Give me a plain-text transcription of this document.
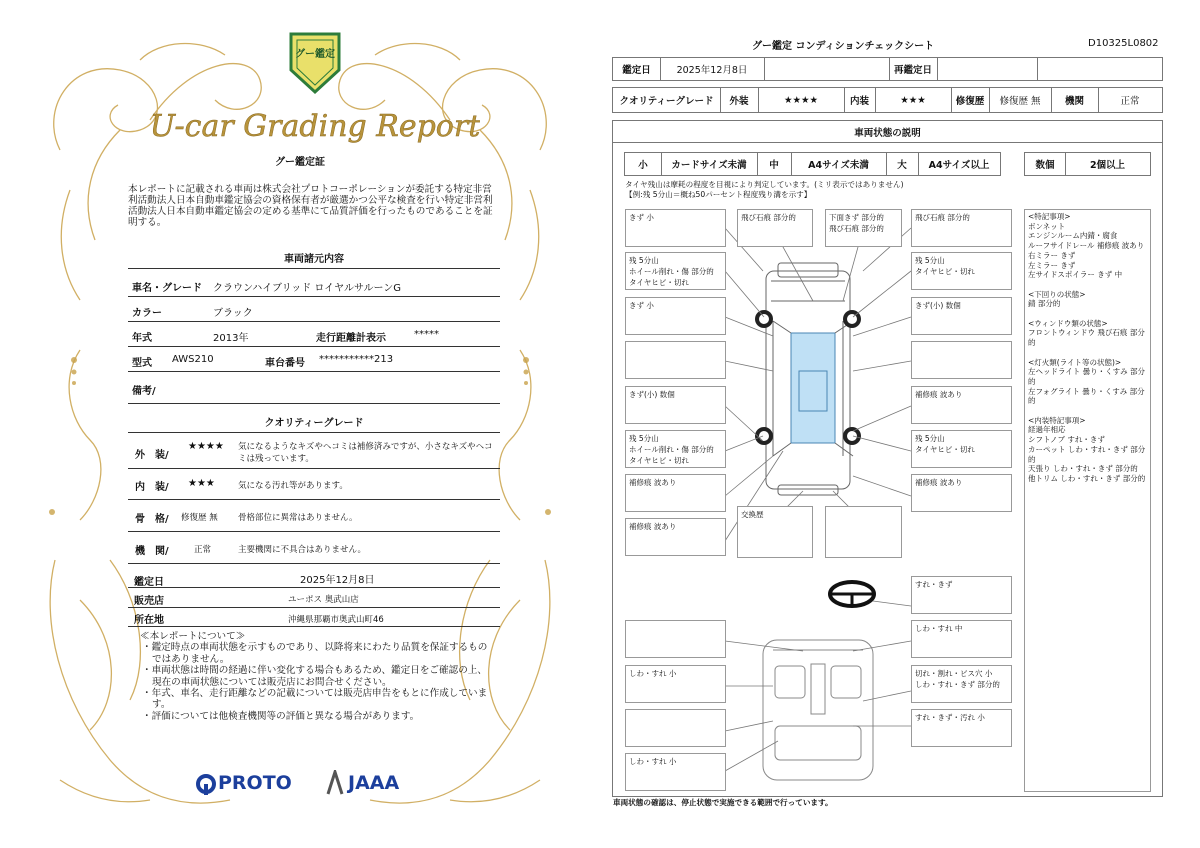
グー鑑定
U-car Grading Report
グー鑑定証
本レポートに記載される車両は株式会社プロトコーポレーションが委託する特定非営利活動法人日本自動車鑑定協会の資格保有者が厳選かつ公平な検査を行い特定非営利活動法人日本自動車鑑定協会の定める基準にて品質評価を行ったものであることを証明する。
車両諸元内容
車名・グレード クラウンハイブリッド ロイヤルサルーンG
カラー	ブラック
年式	2013年	走行距離計表示	*****
型式 AWS210	車台番号 ***********213
備考/
クオリティーグレード
外　装/
★★★★ 気になるようなキズやヘコミは補修済みですが、小さなキズやヘコミは残っています。
内　装/ ★★★	気になる汚れ等があります。
骨　格/ 修復歴 無 骨格部位に異常はありません。
機　関/	正常	主要機関に不具合はありません。
鑑定日	2025年12月8日
販売店	ユーポス 奥武山店
所在地	沖縄県那覇市奥武山町46
≪本レポートについて≫
・鑑定時点の車両状態を示すものであり、以降将来にわたり品質を保証するものではありません。
・車両状態は時間の経過に伴い変化する場合もあるため、鑑定日をご確認の上、現在の車両状態については販売店にお問合せください。
・年式、車名、走行距離などの記載については販売店申告をもとに作成しています。
・評価については他検査機関等の評価と異なる場合があります。
PROTO	JAAA
グー鑑定 コンディションチェックシート	D10325L0802
鑑定日	2025年12月8日	再鑑定日
クオリティーグレード	外装	★★★★	内装	★★★	修復歴	修復歴 無	機関	正常
車両状態の説明
小	カードサイズ未満	中	A4サイズ未満	大	A4サイズ以上	数個	2個以上
タイヤ残山は摩耗の程度を目視により判定しています。(ミリ表示ではありません)
【例:残 5分山＝概ね50パーセント程度残り溝を示す】
きず 小
残 5分山
ホイール削れ・傷 部分的
タイヤヒビ・切れ
きず 小
きず(小) 数個
残 5分山
ホイール削れ・傷 部分的
タイヤヒビ・切れ
補修痕 波あり
補修痕 波あり
飛び石痕 部分的	下面きず 部分的
飛び石痕 部分的
飛び石痕 部分的
残 5分山
タイヤヒビ・切れ
きず(小) 数個
補修痕 波あり
残 5分山
タイヤヒビ・切れ
補修痕 波あり
交換歴
しわ・すれ 小
しわ・すれ 小
すれ・きず
しわ・すれ 中
切れ・割れ・ビス穴 小
しわ・すれ・きず 部分的
すれ・きず・汚れ 小
<特記事項>
ボンネット
エンジンルーム内錆・腐食
ルーフサイドレール 補修痕 波あり
右ミラー きず
左ミラー きず
左サイドスポイラー きず 中

<下回りの状態>
錆 部分的

<ウィンドウ類の状態>
フロントウィンドウ 飛び石痕 部分的

<灯火類(ライト等の状態)>
左ヘッドライト 曇り・くすみ 部分的
左フォグライト 曇り・くすみ 部分的

<内装特記事項>
経過年相応
シフトノブ すれ・きず
カーペット しわ・すれ・きず 部分的
天張り しわ・すれ・きず 部分的
他トリム しわ・すれ・きず 部分的
車両状態の確認は、停止状態で実施できる範囲で行っています。
